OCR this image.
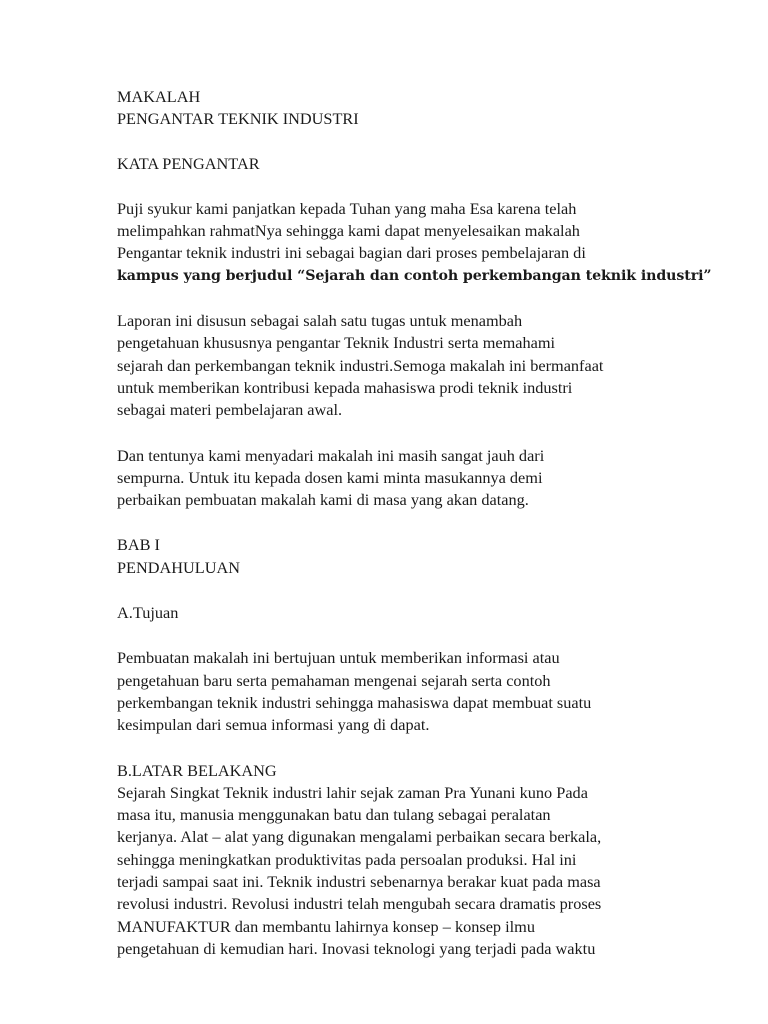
MAKALAH
PENGANTAR TEKNIK INDUSTRI
KATA PENGANTAR
Puji syukur kami panjatkan kepada Tuhan yang maha Esa karena telah
melimpahkan rahmatNya sehingga kami dapat menyelesaikan makalah
Pengantar teknik industri ini sebagai bagian dari proses pembelajaran di
kampus yang berjudul “Sejarah dan contoh perkembangan teknik industri”
Laporan ini disusun sebagai salah satu tugas untuk menambah
pengetahuan khususnya pengantar Teknik Industri serta memahami
sejarah dan perkembangan teknik industri.Semoga makalah ini bermanfaat
untuk memberikan kontribusi kepada mahasiswa prodi teknik industri
sebagai materi pembelajaran awal.
Dan tentunya kami menyadari makalah ini masih sangat jauh dari
sempurna. Untuk itu kepada dosen kami minta masukannya demi
perbaikan pembuatan makalah kami di masa yang akan datang.
BAB I
PENDAHULUAN
A.Tujuan
Pembuatan makalah ini bertujuan untuk memberikan informasi atau
pengetahuan baru serta pemahaman mengenai sejarah serta contoh
perkembangan teknik industri sehingga mahasiswa dapat membuat suatu
kesimpulan dari semua informasi yang di dapat.
B.LATAR BELAKANG
Sejarah Singkat Teknik industri lahir sejak zaman Pra Yunani kuno Pada
masa itu, manusia menggunakan batu dan tulang sebagai peralatan
kerjanya. Alat – alat yang digunakan mengalami perbaikan secara berkala,
sehingga meningkatkan produktivitas pada persoalan produksi. Hal ini
terjadi sampai saat ini. Teknik industri sebenarnya berakar kuat pada masa
revolusi industri. Revolusi industri telah mengubah secara dramatis proses
MANUFAKTUR dan membantu lahirnya konsep – konsep ilmu
pengetahuan di kemudian hari. Inovasi teknologi yang terjadi pada waktu
